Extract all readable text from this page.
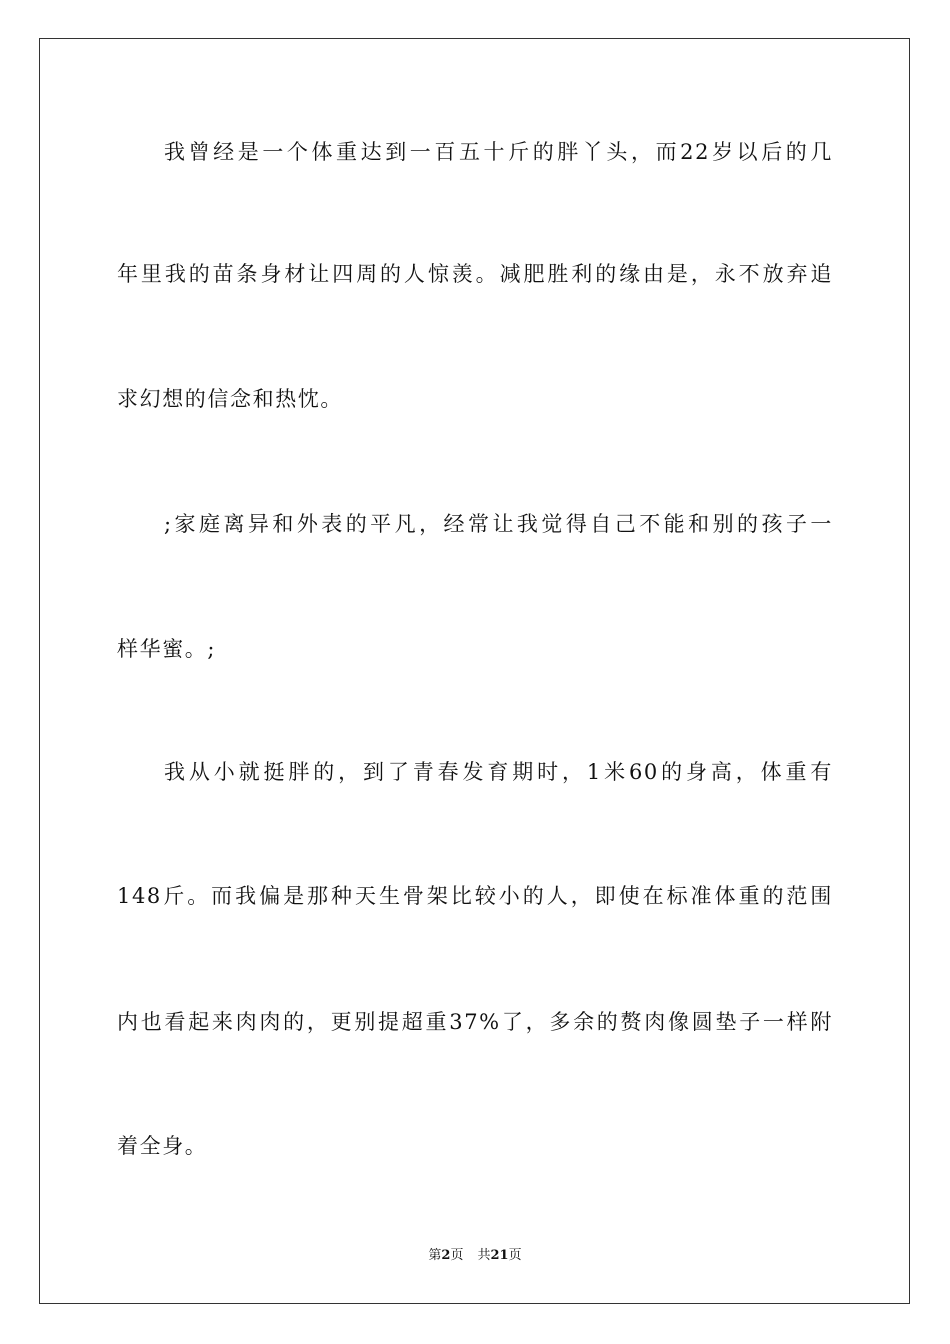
我曾经是一个体重达到一百五十斤的胖丫头，而22岁以后的几
年里我的苗条身材让四周的人惊羡。减肥胜利的缘由是，永不放弃追
求幻想的信念和热忱。
;家庭离异和外表的平凡，经常让我觉得自己不能和别的孩子一
样华蜜。;
我从小就挺胖的，到了青春发育期时，1米60的身高，体重有
148斤。而我偏是那种天生骨架比较小的人，即使在标准体重的范围
内也看起来肉肉的，更别提超重37%了，多余的赘肉像圆垫子一样附
着全身。
第2页 共21页
